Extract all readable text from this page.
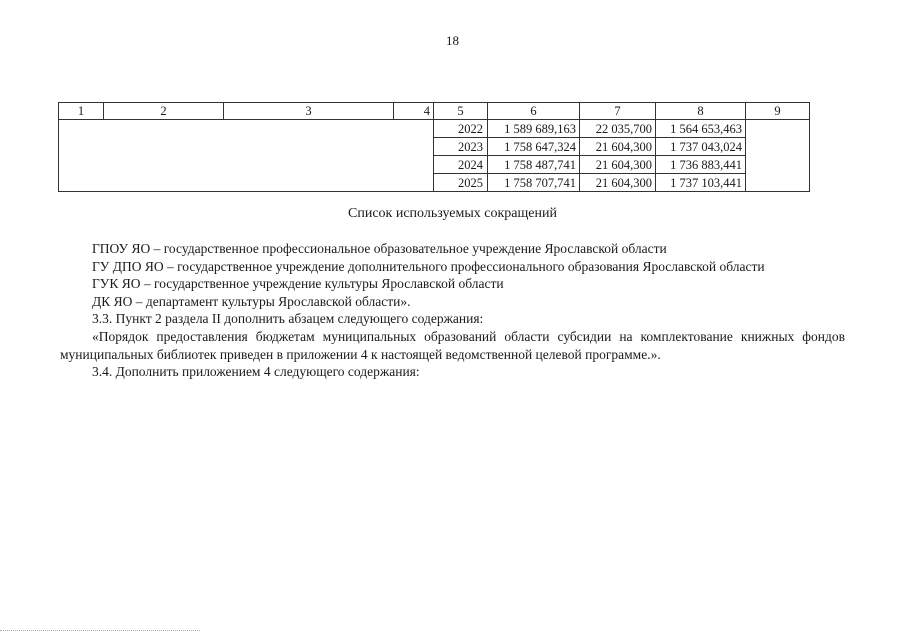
18
1	2	3	4	5	6	7	8	9
				2022	1 589 689,163	22 035,700	1 564 653,463	
				2023	1 758 647,324	21 604,300	1 737 043,024	
				2024	1 758 487,741	21 604,300	1 736 883,441	
				2025	1 758 707,741	21 604,300	1 737 103,441	
Список используемых сокращений

ГПОУ ЯО – государственное профессиональное образовательное учреждение Ярославской области

ГУ ДПО ЯО – государственное учреждение дополнительного профессионального образования Ярославской области

ГУК ЯО – государственное учреждение культуры Ярославской области

ДК ЯО – департамент культуры Ярославской области».

3.3. Пункт 2 раздела II дополнить абзацем следующего содержания:

«Порядок предоставления бюджетам муниципальных образований области субсидии на комплектование книжных фондов муниципальных библиотек приведен в приложении 4 к настоящей ведомственной целевой программе.».

3.4. Дополнить приложением 4 следующего содержания:
